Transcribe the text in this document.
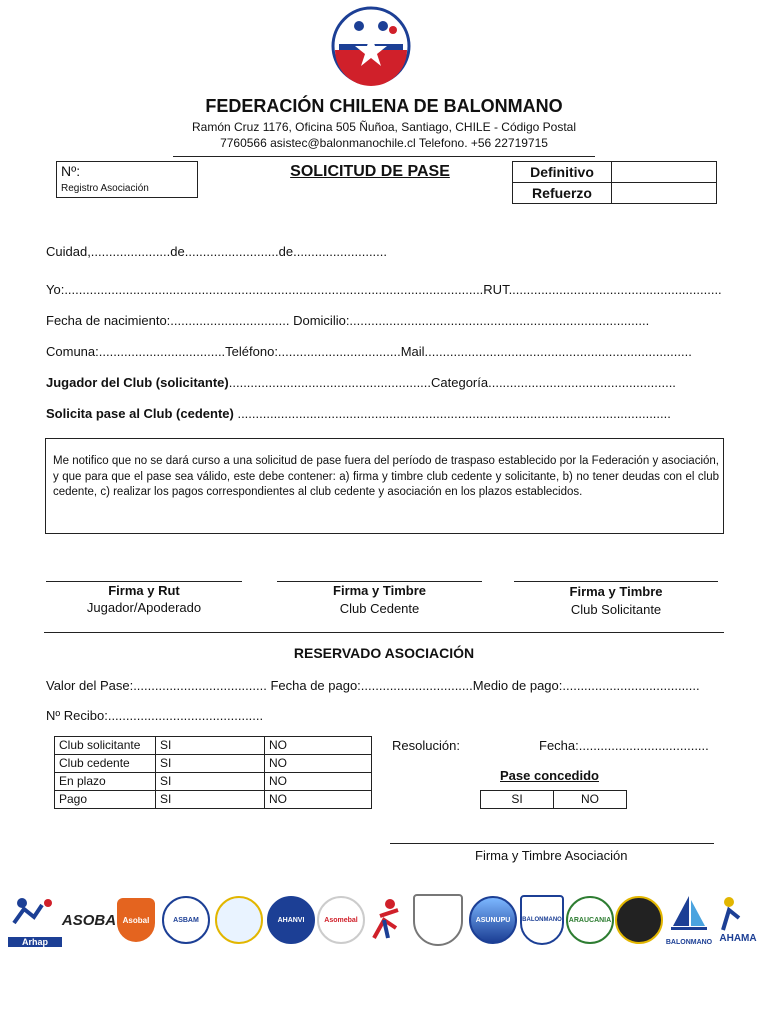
FEDERACIÓN CHILENA DE BALONMANO
Ramón Cruz 1176, Oficina 505 Ñuñoa, Santiago, CHILE - Código Postal
7760566 asistec@balonmanochile.cl Telefono. +56 22719715
Nº:
Registro Asociación
SOLICITUD DE PASE	Definitivo	
Refuerzo	
Cuidad,......................de..........................de..........................
Yo:....................................................................................................................RUT...........................................................
Fecha de nacimiento:................................. Domicilio:...................................................................................
Comuna:...................................Teléfono:..................................Mail..........................................................................
Jugador del Club (solicitante)........................................................Categoría....................................................
Solicita pase al Club (cedente) ........................................................................................................................
Me notifico que no se dará curso a una solicitud de pase fuera del período de traspaso establecido por la Federación y asociación, y que para que el pase sea válido, este debe contener: a) firma y timbre club cedente y solicitante, b) no tener deudas con el club cedente, c) realizar los pagos correspondientes al club cedente y asociación en los plazos establecidos.
Firma y Rut
Jugador/Apoderado
Firma y Timbre
Club Cedente
Firma y Timbre
Club Solicitante
RESERVADO ASOCIACIÓN
Valor del Pase:..................................... Fecha de pago:...............................Medio de pago:......................................
Nº Recibo:...........................................
Club solicitante	SI	NO
Club cedente	SI	NO
En plazo	SI	NO
Pago	SI	NO
Resolución:	Fecha:....................................
Pase concedido
SI	NO
Firma y Timbre Asociación
Arhap
ASOBA Asobal	ASBAM	AHANVI	Asomebal	ASUNUPU BALONMANO ARAUCANIA
BALONMANO AHAMA
